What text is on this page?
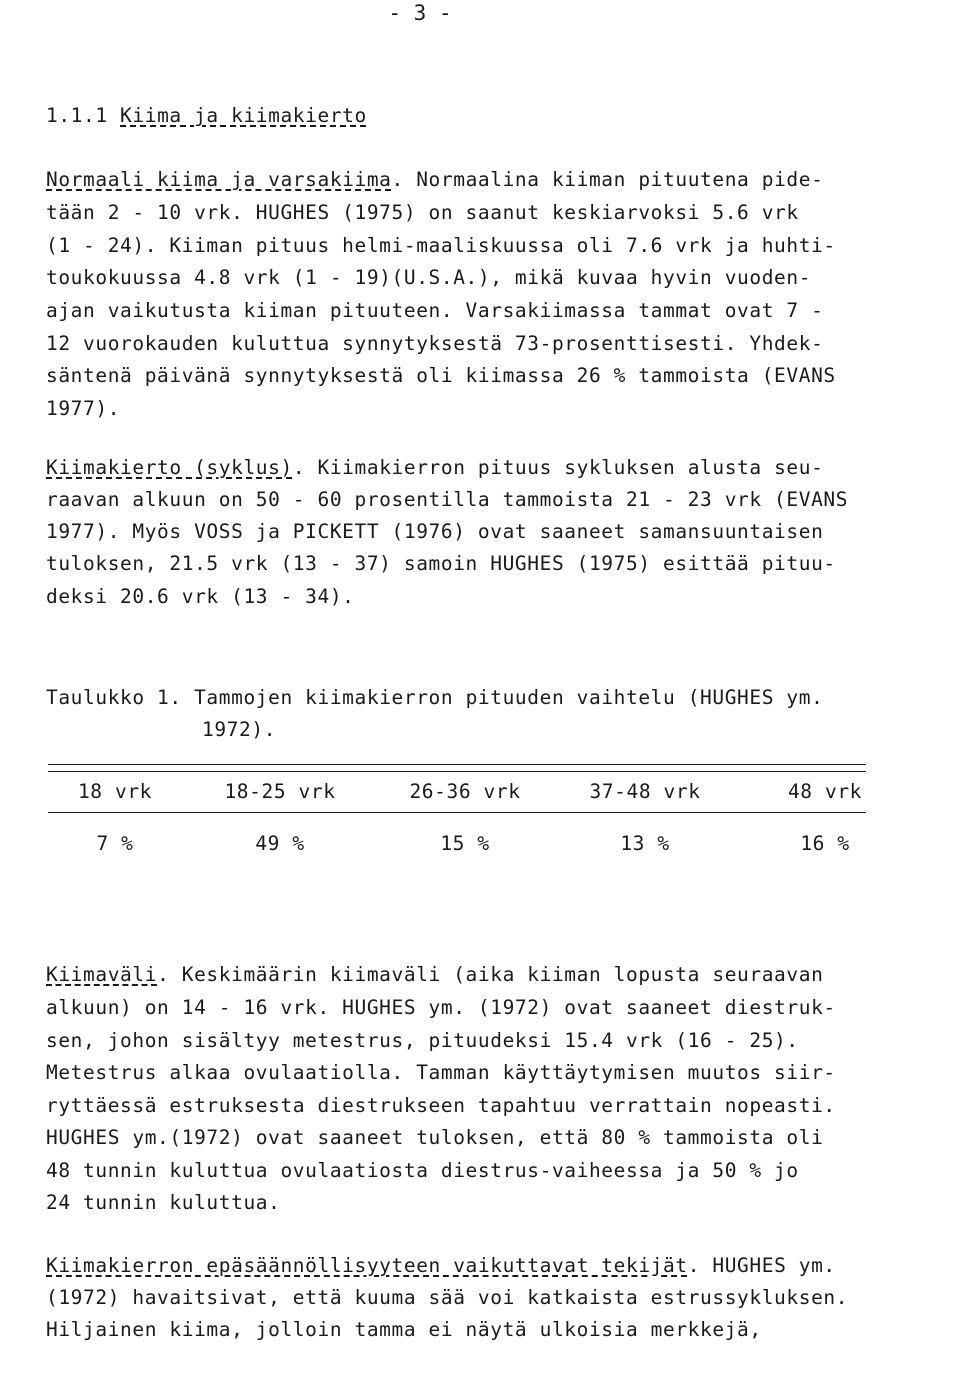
- 3 -
1.1.1 Kiima ja kiimakierto
Normaali kiima ja varsakiima. Normaalina kiiman pituutena pide-
tään 2 - 10 vrk. HUGHES (1975) on saanut keskiarvoksi 5.6 vrk
(1 - 24). Kiiman pituus helmi-maaliskuussa oli 7.6 vrk ja huhti-
toukokuussa 4.8 vrk (1 - 19)(U.S.A.), mikä kuvaa hyvin vuoden-
ajan vaikutusta kiiman pituuteen. Varsakiimassa tammat ovat 7 -
12 vuorokauden kuluttua synnytyksestä 73-prosenttisesti. Yhdek-
säntenä päivänä synnytyksestä oli kiimassa 26 % tammoista (EVANS
1977).
Kiimakierto (syklus). Kiimakierron pituus sykluksen alusta seu-
raavan alkuun on 50 - 60 prosentilla tammoista 21 - 23 vrk (EVANS
1977). Myös VOSS ja PICKETT (1976) ovat saaneet samansuuntaisen
tuloksen, 21.5 vrk (13 - 37) samoin HUGHES (1975) esittää pituu-
deksi 20.6 vrk (13 - 34).
Taulukko 1. Tammojen kiimakierron pituuden vaihtelu (HUGHES ym.
1972).
18 vrk	18-25 vrk	26-36 vrk	37-48 vrk	48 vrk
7 %	49 %	15 %	13 %	16 %
Kiimaväli. Keskimäärin kiimaväli (aika kiiman lopusta seuraavan
alkuun) on 14 - 16 vrk. HUGHES ym. (1972) ovat saaneet diestruk-
sen, johon sisältyy metestrus, pituudeksi 15.4 vrk (16 - 25).
Metestrus alkaa ovulaatiolla. Tamman käyttäytymisen muutos siir-
ryttäessä estruksesta diestrukseen tapahtuu verrattain nopeasti.
HUGHES ym.(1972) ovat saaneet tuloksen, että 80 % tammoista oli
48 tunnin kuluttua ovulaatiosta diestrus-vaiheessa ja 50 % jo
24 tunnin kuluttua.
Kiimakierron epäsäännöllisyyteen vaikuttavat tekijät. HUGHES ym.
(1972) havaitsivat, että kuuma sää voi katkaista estrussykluksen.
Hiljainen kiima, jolloin tamma ei näytä ulkoisia merkkejä,
